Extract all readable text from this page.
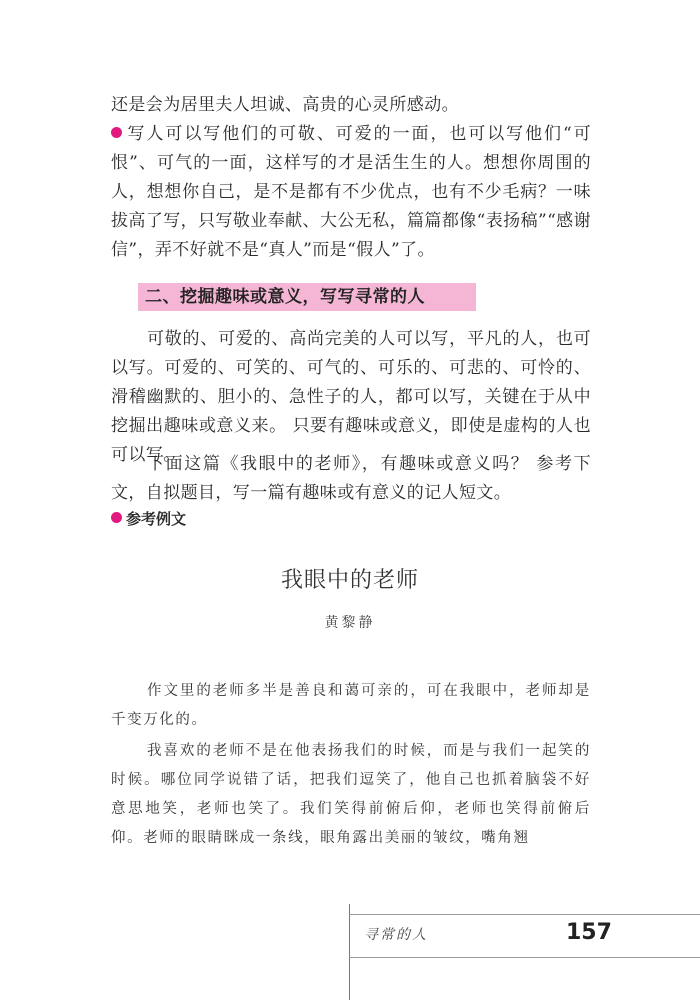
还是会为居里夫人坦诚、高贵的心灵所感动。

写人可以写他们的可敬、可爱的一面，也可以写他们“可恨”、可气的一面，这样写的才是活生生的人。想想你周围的人，想想你自己，是不是都有不少优点，也有不少毛病？一味拔高了写，只写敬业奉献、大公无私，篇篇都像“表扬稿”“感谢信”，弄不好就不是“真人”而是“假人”了。

二、挖掘趣味或意义，写写寻常的人

可敬的、可爱的、高尚完美的人可以写，平凡的人，也可以写。可爱的、可笑的、可气的、可乐的、可悲的、可怜的、滑稽幽默的、胆小的、急性子的人，都可以写，关键在于从中挖掘出趣味或意义来。 只要有趣味或意义，即使是虚构的人也可以写。

下面这篇《我眼中的老师》，有趣味或意义吗？ 参考下文，自拟题目，写一篇有趣味或有意义的记人短文。

参考例文
我眼中的老师
黄黎静

作文里的老师多半是善良和蔼可亲的，可在我眼中，老师却是千变万化的。

我喜欢的老师不是在他表扬我们的时候，而是与我们一起笑的时候。哪位同学说错了话，把我们逗笑了，他自己也抓着脑袋不好意思地笑，老师也笑了。我们笑得前俯后仰，老师也笑得前俯后仰。老师的眼睛眯成一条线，眼角露出美丽的皱纹，嘴角翘

寻常的人	157
